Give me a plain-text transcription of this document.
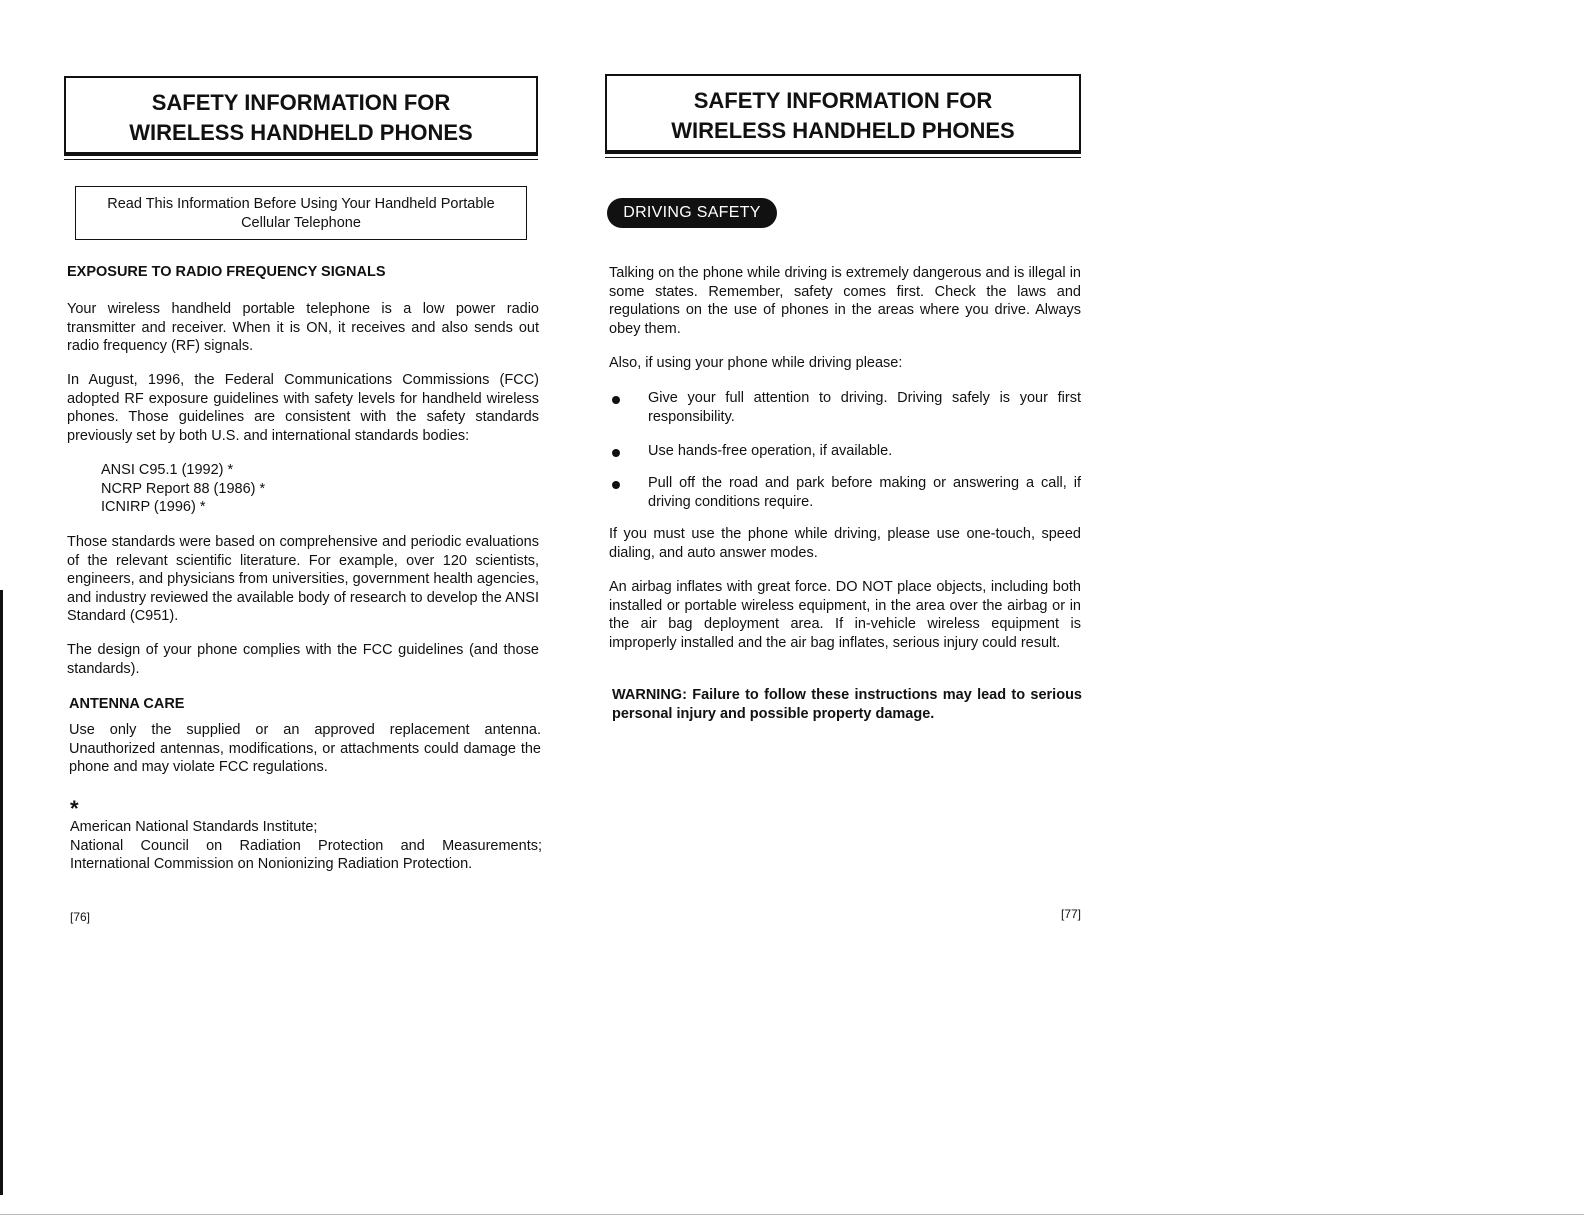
SAFETY INFORMATION FOR
WIRELESS HANDHELD PHONES
Read This Information Before Using Your Handheld Portable
Cellular Telephone
EXPOSURE TO RADIO FREQUENCY SIGNALS
Your wireless handheld portable telephone is a low power radio transmitter and receiver. When it is ON, it receives and also sends out radio frequency (RF) signals.
In August, 1996, the Federal Communications Commissions (FCC) adopted RF exposure guidelines with safety levels for handheld wireless phones. Those guidelines are consistent with the safety standards previously set by both U.S. and international standards bodies:
ANSI C95.1 (1992) *
NCRP Report 88 (1986) *
ICNIRP (1996) *
Those standards were based on comprehensive and periodic evaluations of the relevant scientific literature. For example, over 120 scientists, engineers, and physicians from universities, government health agencies, and industry reviewed the available body of research to develop the ANSI Standard (C951).
The design of your phone complies with the FCC guidelines (and those standards).
ANTENNA CARE
Use only the supplied or an approved replacement antenna. Unauthorized antennas, modifications, or attachments could damage the phone and may violate FCC regulations.
*
American National Standards Institute;
National Council on Radiation Protection and Measurements;
International Commission on Nonionizing Radiation Protection.
[76]
SAFETY INFORMATION FOR
WIRELESS HANDHELD PHONES
DRIVING SAFETY
Talking on the phone while driving is extremely dangerous and is illegal in some states. Remember, safety comes first. Check the laws and regulations on the use of phones in the areas where you drive. Always obey them.
Also, if using your phone while driving please:
Give your full attention to driving. Driving safely is your first responsibility.
Use hands-free operation, if available.
Pull off the road and park before making or answering a call, if driving conditions require.
If you must use the phone while driving, please use one-touch, speed dialing, and auto answer modes.
An airbag inflates with great force. DO NOT place objects, including both installed or portable wireless equipment, in the area over the airbag or in the air bag deployment area. If in-vehicle wireless equipment is improperly installed and the air bag inflates, serious injury could result.
WARNING: Failure to follow these instructions may lead to serious personal injury and possible property damage.
[77]
